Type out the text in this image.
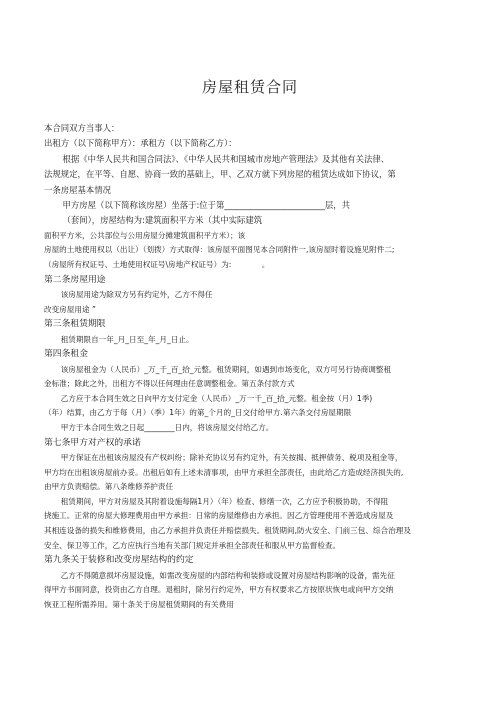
房屋租赁合同

本合同双方当事人：

出租方（以下简称甲方）：承租方（以下简称乙方）：

根据《中华人民共和国合同法》、《中华人民共和国城市房地产管理法》及其他有关法律、

法规规定，在平等、自愿、协商一致的基础上，甲、乙双方就下列房屋的租赁达成如下协议，第

一条房屋基本情况

甲方房屋（以下简称该房屋）坐落于:位于第________________________层，共

（套间），房屋结构为:建筑面积平方米（其中实际建筑

面积平方米，公共部位与公用房屋分摊建筑面积平方米）；该

房屋的土地使用权以（出让）（划拨）方式取得：该房屋平面图见本合同附件一,该房屋时着设施见附件二;

（房屋所有权证号、土地使用权证号\房地产权证号）为:　　　　。

第二条房屋用途

该房屋用途为除双方另有约定外，乙方不得任

改变房屋用途 ”

第三条租赁期限

租赁期限自一年_月_日至_年_月_日止。

第四条租金

该房屋租金为（人民币）_万_千_百_拾_元整。租赁期间，如遇到市场变化，双方可另行协商调整租

金标准；除此之外，出租方不得以任何理由任意调整租金。第五条付款方式

乙方应于本合同生效之日向甲方支付定金（人民币）_万一千_百_拾_元整。租金按（月）1季)

（年）结算，由乙方于每（月）（季）1年）的第_个月的_日交付给甲方.第六条交付房屋期限

甲方于本合同生效之日起________日内，将该房屋交付给乙方。

第七条甲方对产权的承诺

甲方保证在出租该房屋没有产权纠纷；除补充协议另有约定外，有关按揭、抵押债务、税项及租金等，

甲方均在出租该房屋前办妥。出租后如有上述未清事项，由甲方承担全部责任，由此给乙方造成经济损失的,

由甲方负责赔偿。第八条维修养护责任

租赁期间，甲方对房屋及其附着设施每隔1月）（年）检查、修缮一次，乙方应予积极协助，不得阻

挠施工。正常的房屋大修理费用由甲方承担：日常的房屋维修由方承担。因乙方管理使用不善造成房屋及

其相连设备的损失和维修费用，由乙方承担并负责任并赔偿损失。租赁期间,防火安全、门前三包、综合治理及

安全、保卫等工作，乙方应执行当地有关部门规定并承担全部责任和服从甲方监督检查。

第九条关于装修和改变房屋结构的约定

乙方不得随意损坏房屋设施，如需改变房屋的内部结构和装修或设置对房屋结构影响的设备，需先征

得甲方书面同意，投资由乙方自理。退租时，除另行约定外，甲方有权要求乙方按原状恢电或向甲方交纳

恢亚工程所需养用。第十条关于房屋租赁期间的有关费用
